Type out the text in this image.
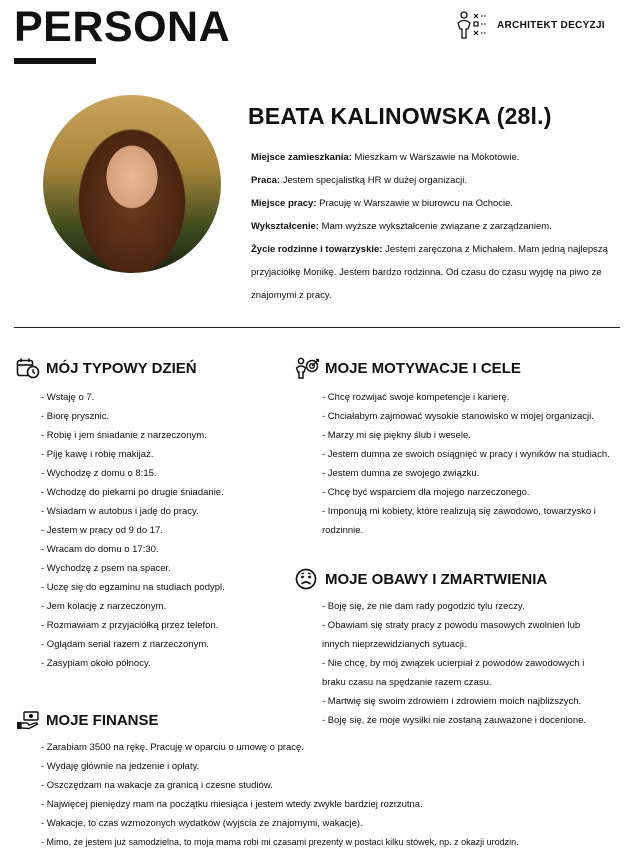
PERSONA	ARCHITEKT DECYZJI
BEATA KALINOWSKA (28l.)

Miejsce zamieszkania: Mieszkam w Warszawie na Mokotowie.

Praca: Jestem specjalistką HR w dużej organizacji.

Miejsce pracy: Pracuję w Warszawie w biurowcu na Ochocie.

Wykształcenie: Mam wyższe wykształcenie związane z zarządzaniem.

Życie rodzinne i towarzyskie: Jestem zaręczona z Michałem. Mam jedną najlepszą przyjaciółkę Monikę. Jestem bardzo rodzinna. Od czasu do czasu wyjdę na piwo ze znajomymi z pracy.

MÓJ TYPOWY DZIEŃ
- Wstaję o 7.
- Biorę prysznic.
- Robię i jem śniadanie z narzeczonym.
- Piję kawę i robię makijaż.
- Wychodzę z domu o 8:15.
- Wchodzę do piekarni po drugie śniadanie.
- Wsiadam w autobus i jadę do pracy.
- Jestem w pracy od 9 do 17.
- Wracam do domu o 17:30.
- Wychodzę z psem na spacer.
- Uczę się do egzaminu na studiach podypl.
- Jem kolację z narzeczonym.
- Rozmawiam z przyjaciółką przez telefon.
- Oglądam serial razem z narzeczonym.
- Zasypiam około północy.
MOJE MOTYWACJE I CELE
- Chcę rozwijać swoje kompetencje i karierę.
- Chciałabym zajmować wysokie stanowisko w mojej organizacji.
- Marzy mi się piękny ślub i wesele.
- Jestem dumna ze swoich osiągnięć w pracy i wyników na studiach.
- Jestem dumna ze swojego związku.
- Chcę być wsparciem dla mojego narzeczonego.
- Imponują mi kobiety, które realizują się zawodowo, towarzysko i rodzinnie.
MOJE OBAWY I ZMARTWIENIA
- Boję się, że nie dam rady pogodzić tylu rzeczy.
- Obawiam się straty pracy z powodu masowych zwolnień lub innych nieprzewidzianych sytuacji.
- Nie chcę, by mój związek ucierpiał z powodów zawodowych i braku czasu na spędzanie razem czasu.
- Martwię się swoim zdrowiem i zdrowiem moich najbliższych.
- Boję się, że moje wysiłki nie zostaną zauważone i docenione.
MOJE FINANSE
- Zarabiam 3500 na rękę. Pracuję w oparciu o umowę o pracę.
- Wydaję głównie na jedzenie i opłaty.
- Oszczędzam na wakacje za granicą i czesne studiów.
- Najwięcej pieniędzy mam na początku miesiąca i jestem wtedy zwykle bardziej rozrzutna.
- Wakacje, to czas wzmożonych wydatków (wyjścia ze znajomymi, wakacje).
- Mimo, że jestem już samodzielna, to moja mama robi mi czasami prezenty w postaci kilku stówek, np. z okazji urodzin.
